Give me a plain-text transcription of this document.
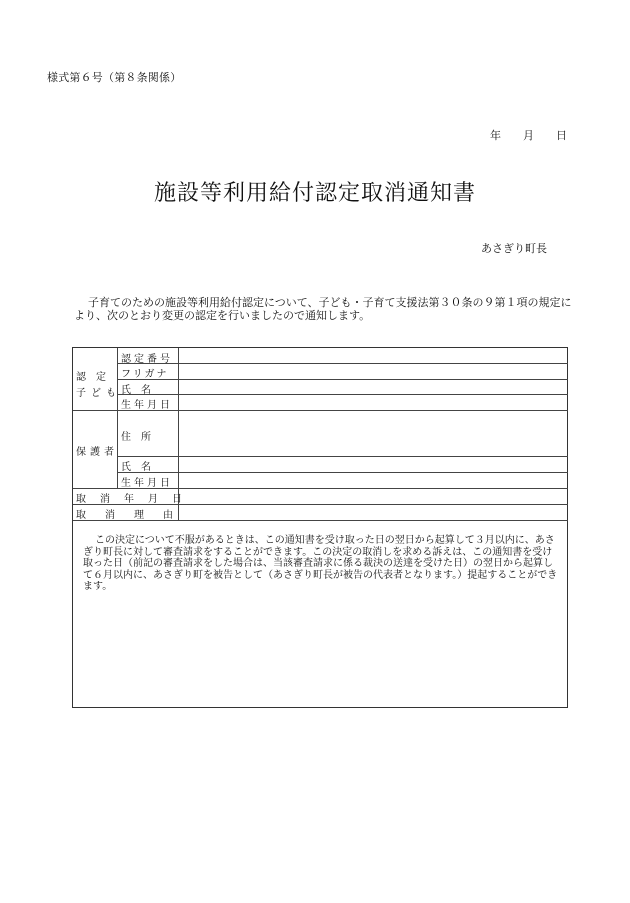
様式第６号（第８条関係）
年 月 日
施設等利用給付認定取消通知書
あさぎり町長
子育てのための施設等利用給付認定について、子ども・子育て支援法第３０条の９第１項の規定により、次のとおり変更の認定を行いましたので通知します。
認　定
子ども
認定番号
フリガナ
氏　名
生年月日
保護者
住　所
氏　名
生年月日
取消年月日
取消理由

この決定について不服があるときは、この通知書を受け取った日の翌日から起算して３月以内に、あさぎり町長に対して審査請求をすることができます。この決定の取消しを求める訴えは、この通知書を受け取った日（前記の審査請求をした場合は、当該審査請求に係る裁決の送達を受けた日）の翌日から起算して６月以内に、あさぎり町を被告として（あさぎり町長が被告の代表者となります。）提起することができます。
